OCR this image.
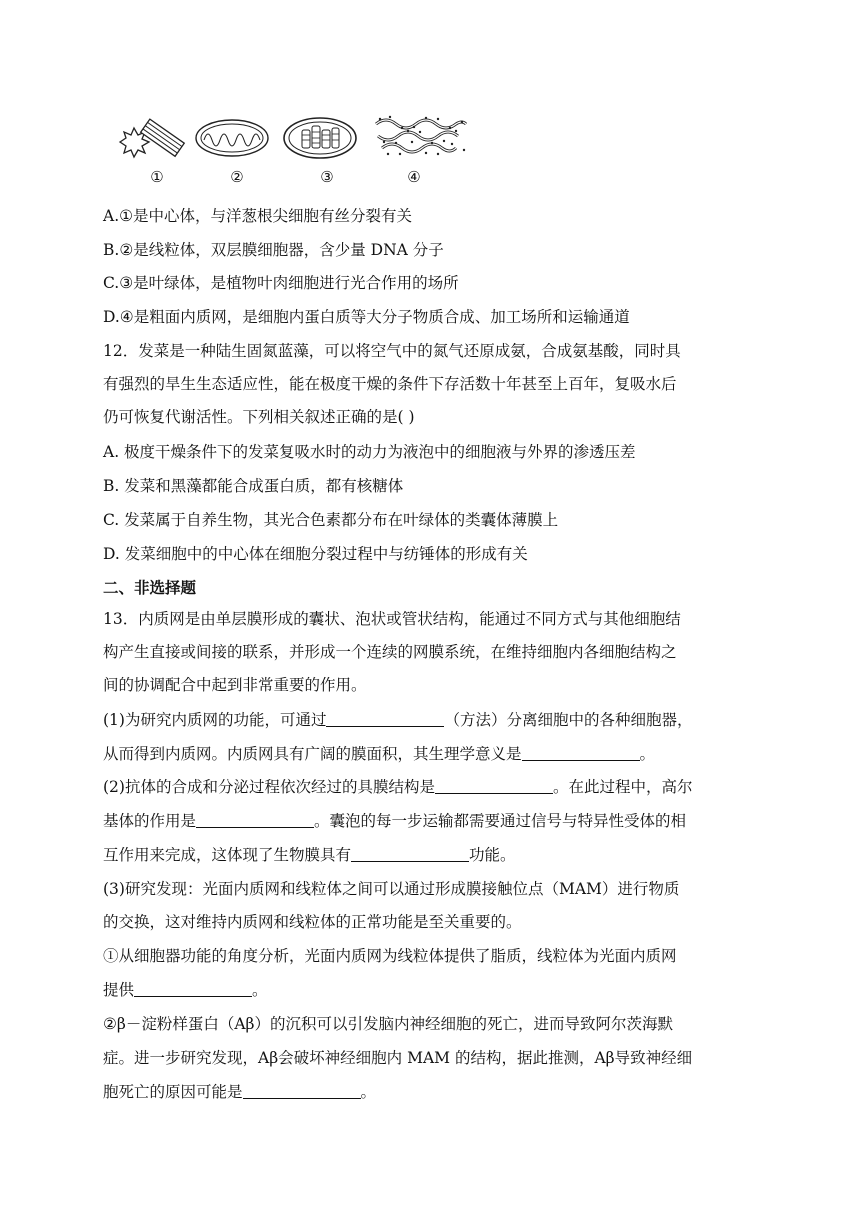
①	②	③	④
A.①是中心体，与洋葱根尖细胞有丝分裂有关
B.②是线粒体，双层膜细胞器，含少量 DNA 分子
C.③是叶绿体，是植物叶肉细胞进行光合作用的场所
D.④是粗面内质网，是细胞内蛋白质等大分子物质合成、加工场所和运输通道
12．发菜是一种陆生固氮蓝藻，可以将空气中的氮气还原成氨，合成氨基酸，同时具
有强烈的旱生生态适应性，能在极度干燥的条件下存活数十年甚至上百年，复吸水后
仍可恢复代谢活性。下列相关叙述正确的是( )
A. 极度干燥条件下的发菜复吸水时的动力为液泡中的细胞液与外界的渗透压差
B. 发菜和黑藻都能合成蛋白质，都有核糖体
C. 发菜属于自养生物，其光合色素都分布在叶绿体的类囊体薄膜上
D. 发菜细胞中的中心体在细胞分裂过程中与纺锤体的形成有关
二、非选择题
13．内质网是由单层膜形成的囊状、泡状或管状结构，能通过不同方式与其他细胞结
构产生直接或间接的联系，并形成一个连续的网膜系统，在维持细胞内各细胞结构之
间的协调配合中起到非常重要的作用。
(1)为研究内质网的功能，可通过	（方法）分离细胞中的各种细胞器，
从而得到内质网。内质网具有广阔的膜面积，其生理学意义是	。
(2)抗体的合成和分泌过程依次经过的具膜结构是	。在此过程中，高尔
基体的作用是	。囊泡的每一步运输都需要通过信号与特异性受体的相
互作用来完成，这体现了生物膜具有	功能。
(3)研究发现：光面内质网和线粒体之间可以通过形成膜接触位点（MAM）进行物质
的交换，这对维持内质网和线粒体的正常功能是至关重要的。
①从细胞器功能的角度分析，光面内质网为线粒体提供了脂质，线粒体为光面内质网
提供	。
②β－淀粉样蛋白（Aβ）的沉积可以引发脑内神经细胞的死亡，进而导致阿尔茨海默
症。进一步研究发现，Aβ会破坏神经细胞内 MAM 的结构，据此推测，Aβ导致神经细
胞死亡的原因可能是	。
